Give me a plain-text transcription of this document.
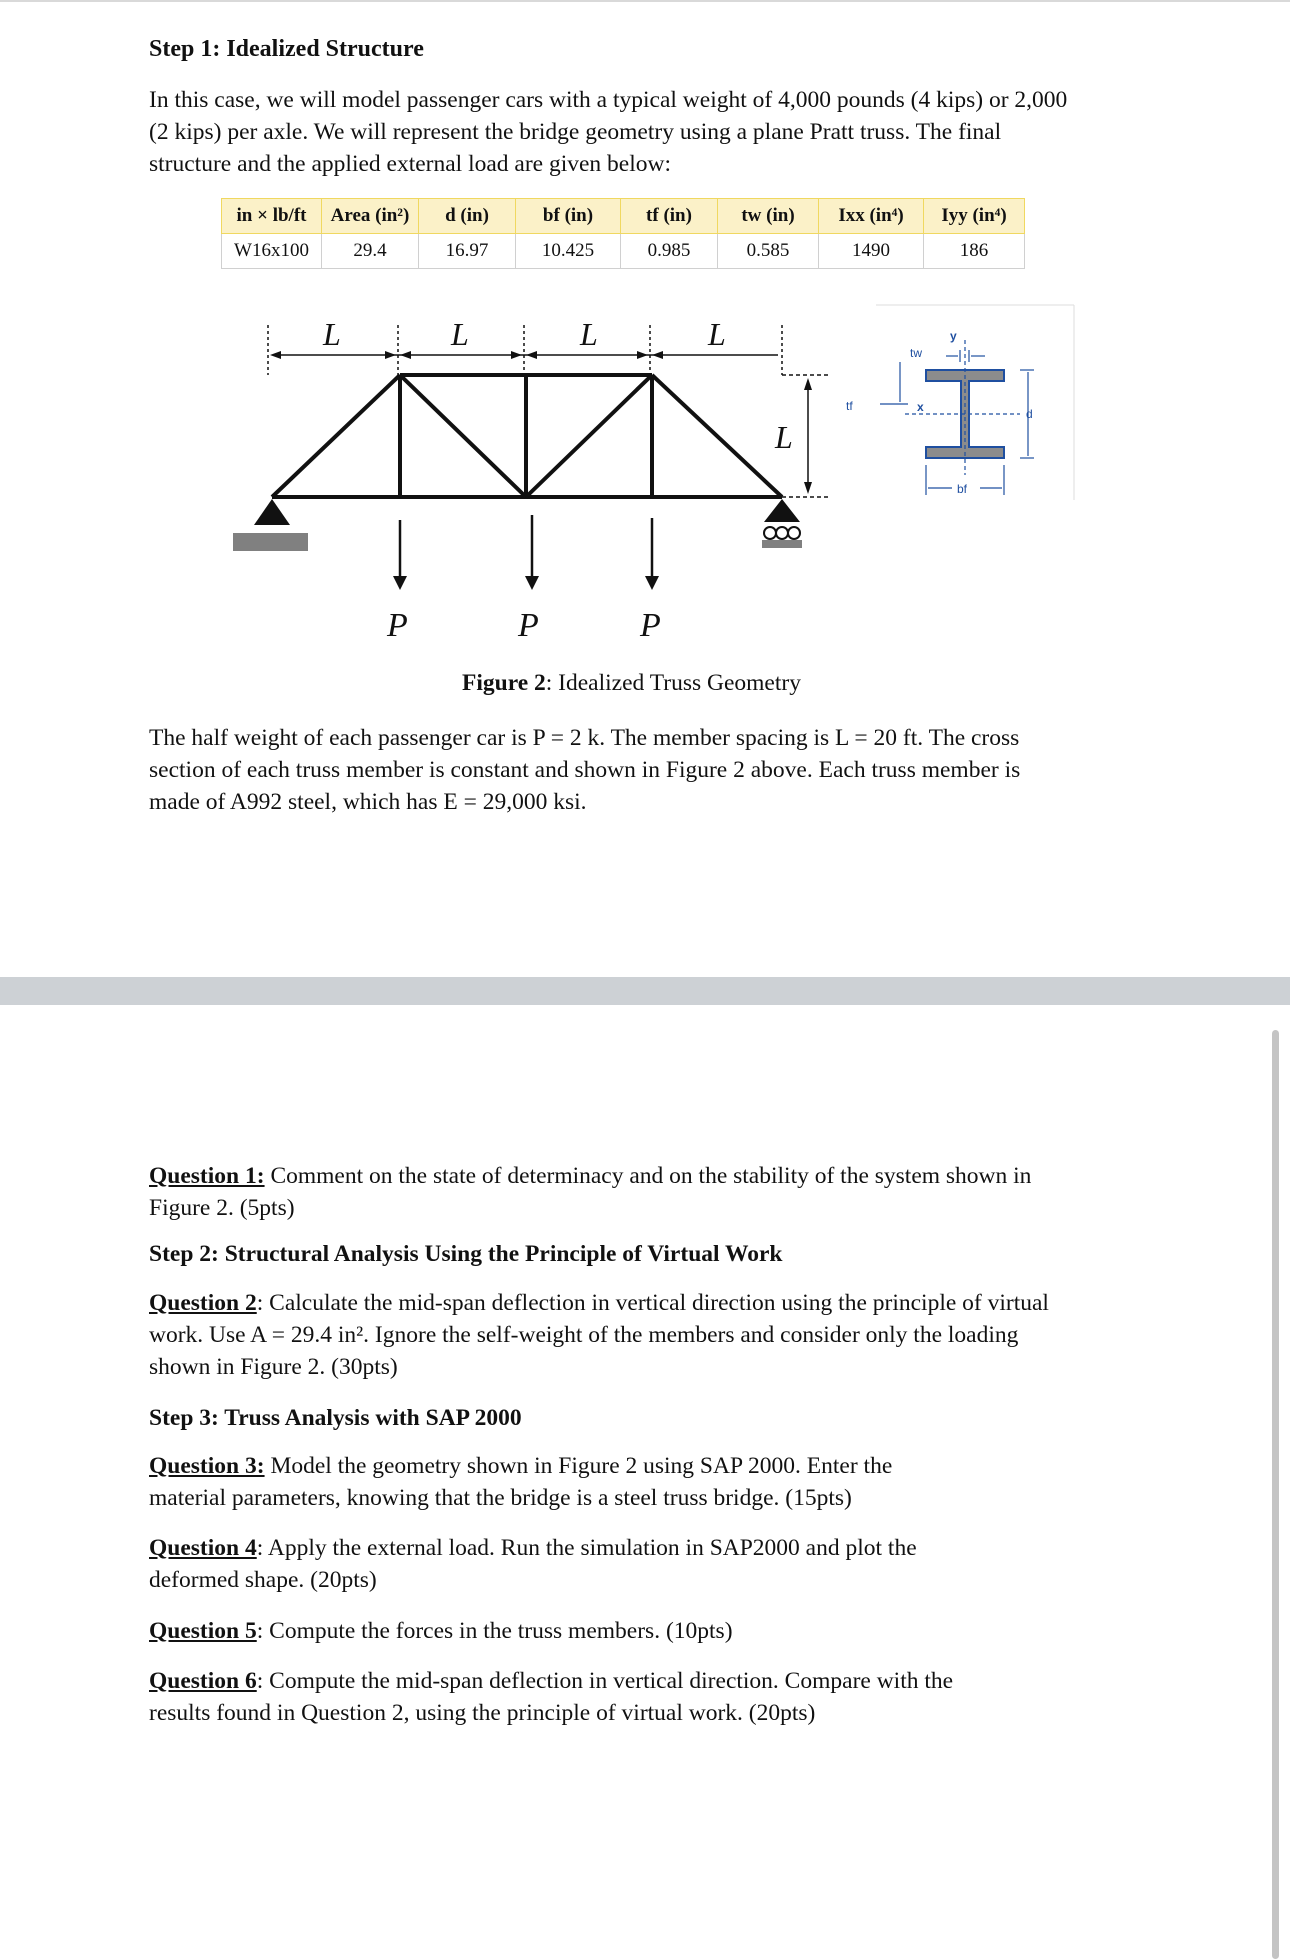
Step 1: Idealized Structure

In this case, we will model passenger cars with a typical weight of 4,000 pounds (4 kips) or 2,000

(2 kips) per axle. We will represent the bridge geometry using a plane Pratt truss. The final

structure and the applied external load are given below:

in × lb/ft	Area (in²)	d (in)	bf (in)	tf (in)	tw (in)	Ixx (in⁴)	Iyy (in⁴)
W16x100	29.4	16.97	10.425	0.985	0.585	1490	186
L	L	L	L
L
P	P	P
tw
y
tf	x	d
bf
Figure 2: Idealized Truss Geometry

The half weight of each passenger car is P = 2 k. The member spacing is L = 20 ft. The cross

section of each truss member is constant and shown in Figure 2 above. Each truss member is

made of A992 steel, which has E = 29,000 ksi.

Question 1: Comment on the state of determinacy and on the stability of the system shown in
Figure 2. (5pts)
Step 2: Structural Analysis Using the Principle of Virtual Work
Question 2: Calculate the mid-span deflection in vertical direction using the principle of virtual
work. Use A = 29.4 in². Ignore the self-weight of the members and consider only the loading
shown in Figure 2. (30pts)
Step 3: Truss Analysis with SAP 2000
Question 3: Model the geometry shown in Figure 2 using SAP 2000. Enter the
material parameters, knowing that the bridge is a steel truss bridge. (15pts)
Question 4: Apply the external load. Run the simulation in SAP2000 and plot the
deformed shape. (20pts)
Question 5: Compute the forces in the truss members. (10pts)
Question 6: Compute the mid-span deflection in vertical direction. Compare with the
results found in Question 2, using the principle of virtual work. (20pts)
